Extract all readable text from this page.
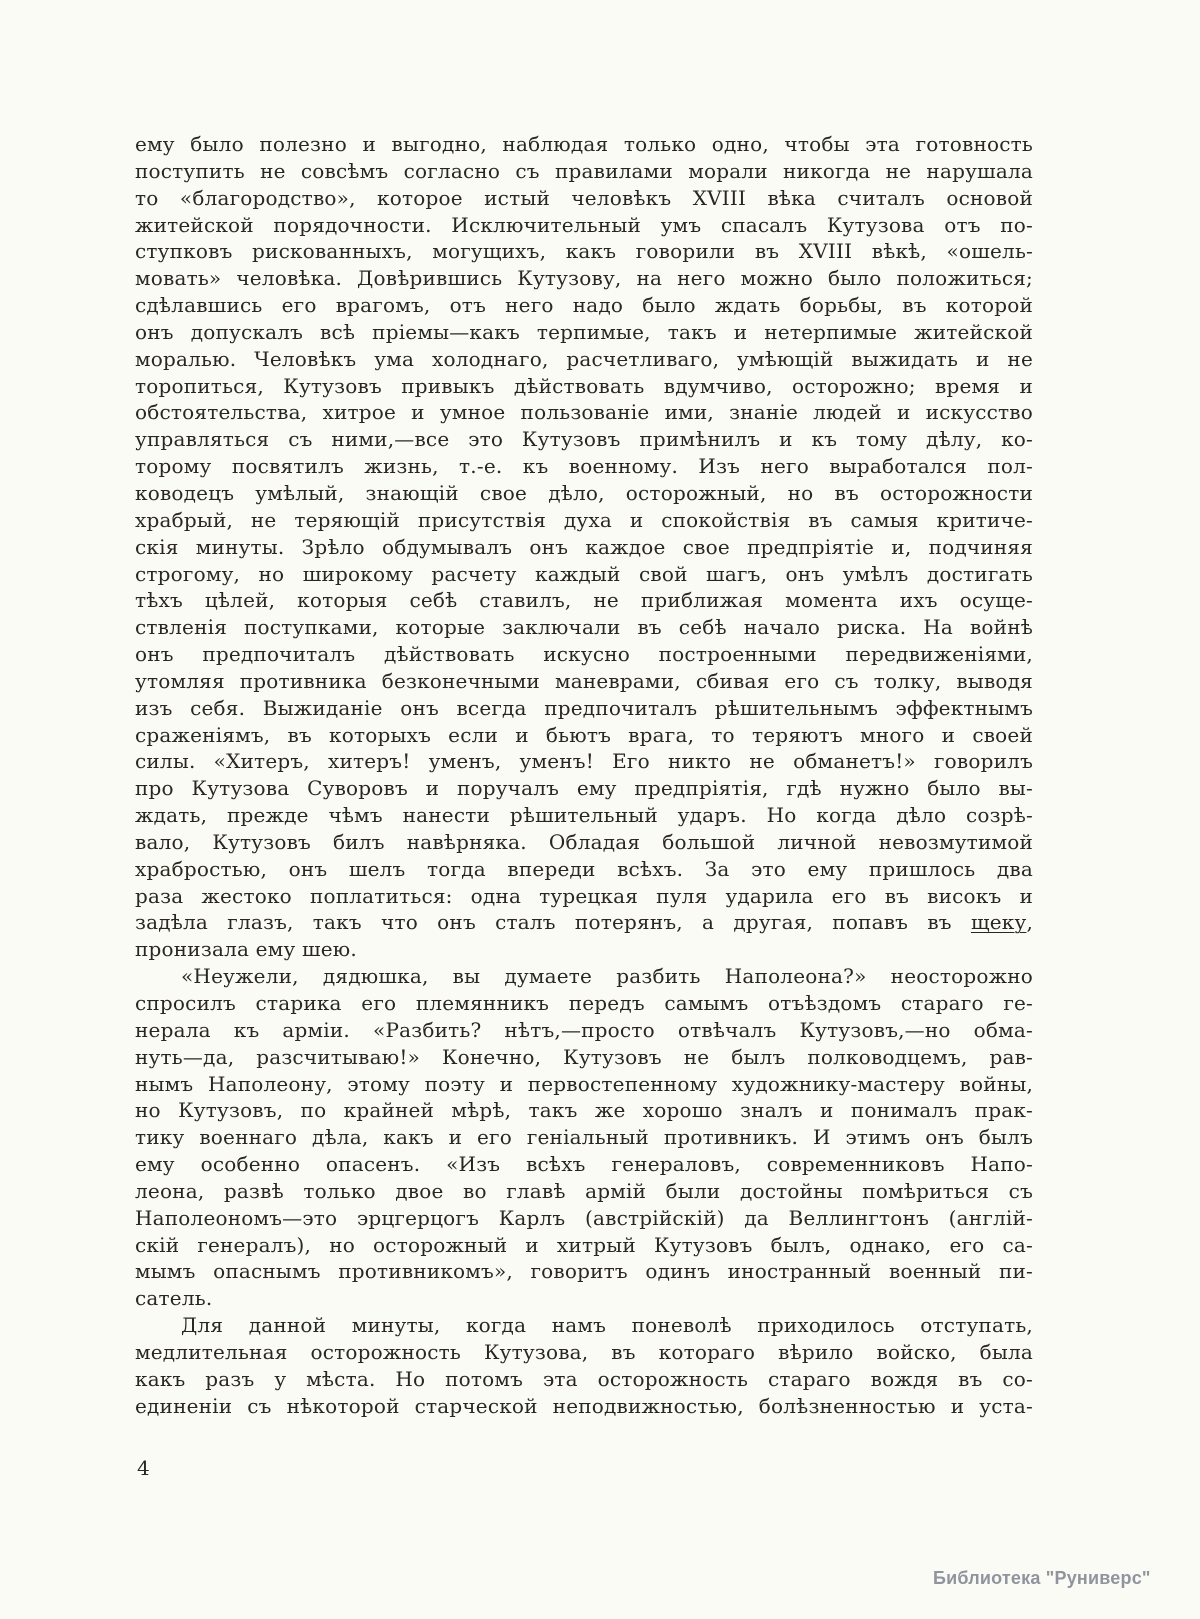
ему было полезно и выгодно, наблюдая только одно, чтобы эта готовность
поступить не совсѣмъ согласно съ правилами морали никогда не нарушала
то «благородство», которое истый человѣкъ XVIII вѣка считалъ основой
житейской порядочности. Исключительный умъ спасалъ Кутузова отъ по-
ступковъ рискованныхъ, могущихъ, какъ говорили въ XVIII вѣкѣ, «ошель-
мовать» человѣка. Довѣрившись Кутузову, на него можно было положиться;
сдѣлавшись его врагомъ, отъ него надо было ждать борьбы, въ которой
онъ допускалъ всѣ пріемы—какъ терпимые, такъ и нетерпимые житейской
моралью. Человѣкъ ума холоднаго, расчетливаго, умѣющій выжидать и не
торопиться, Кутузовъ привыкъ дѣйствовать вдумчиво, осторожно; время и
обстоятельства, хитрое и умное пользованіе ими, знаніе людей и искусство
управляться съ ними,—все это Кутузовъ примѣнилъ и къ тому дѣлу, ко-
торому посвятилъ жизнь, т.-е. къ военному. Изъ него выработался пол-
ководецъ умѣлый, знающій свое дѣло, осторожный, но въ осторожности
храбрый, не теряющій присутствія духа и спокойствія въ самыя критиче-
скія минуты. Зрѣло обдумывалъ онъ каждое свое предпріятіе и, подчиняя
строгому, но широкому расчету каждый свой шагъ, онъ умѣлъ достигать
тѣхъ цѣлей, которыя себѣ ставилъ, не приближая момента ихъ осуще-
ствленія поступками, которые заключали въ себѣ начало риска. На войнѣ
онъ предпочиталъ дѣйствовать искусно построенными передвиженіями,
утомляя противника безконечными маневрами, сбивая его съ толку, выводя
изъ себя. Выжиданіе онъ всегда предпочиталъ рѣшительнымъ эффектнымъ
сраженіямъ, въ которыхъ если и бьютъ врага, то теряютъ много и своей
силы. «Хитеръ, хитеръ! уменъ, уменъ! Его никто не обманетъ!» говорилъ
про Кутузова Суворовъ и поручалъ ему предпріятія, гдѣ нужно было вы-
ждать, прежде чѣмъ нанести рѣшительный ударъ. Но когда дѣло созрѣ-
вало, Кутузовъ билъ навѣрняка. Обладая большой личной невозмутимой
храбростью, онъ шелъ тогда впереди всѣхъ. За это ему пришлось два
раза жестоко поплатиться: одна турецкая пуля ударила его въ високъ и
задѣла глазъ, такъ что онъ сталъ потерянъ, а другая, попавъ въ щеку,
пронизала ему шею.
«Неужели, дядюшка, вы думаете разбить Наполеона?» неосторожно
спросилъ старика его племянникъ передъ самымъ отъѣздомъ стараго ге-
нерала къ арміи. «Разбить? нѣтъ,—просто отвѣчалъ Кутузовъ,—но обма-
нуть—да, разсчитываю!» Конечно, Кутузовъ не былъ полководцемъ, рав-
нымъ Наполеону, этому поэту и первостепенному художнику-мастеру войны,
но Кутузовъ, по крайней мѣрѣ, такъ же хорошо зналъ и понималъ прак-
тику военнаго дѣла, какъ и его геніальный противникъ. И этимъ онъ былъ
ему особенно опасенъ. «Изъ всѣхъ генераловъ, современниковъ Напо-
леона, развѣ только двое во главѣ армій были достойны помѣриться съ
Наполеономъ—это эрцгерцогъ Карлъ (австрійскій) да Веллингтонъ (англій-
скій генералъ), но осторожный и хитрый Кутузовъ былъ, однако, его са-
мымъ опаснымъ противникомъ», говоритъ одинъ иностранный военный пи-
сатель.
Для данной минуты, когда намъ поневолѣ приходилось отступать,
медлительная осторожность Кутузова, въ котораго вѣрило войско, была
какъ разъ у мѣста. Но потомъ эта осторожность стараго вождя въ со-
единеніи съ нѣкоторой старческой неподвижностью, болѣзненностью и уста-
4
Библиотека "Руниверс"
